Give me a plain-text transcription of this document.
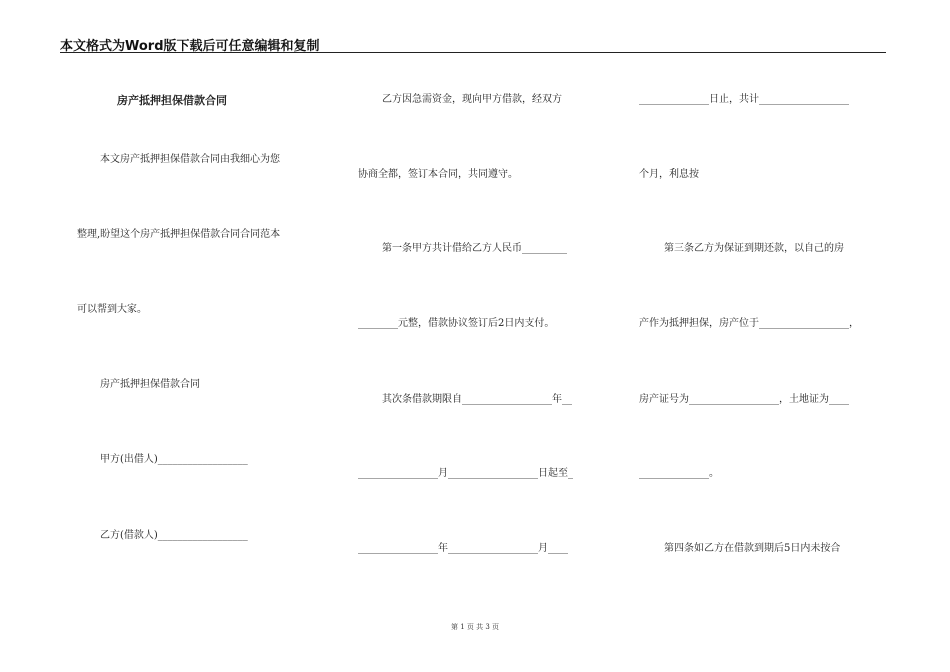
本文格式为Word版下载后可任意编辑和复制
房产抵押担保借款合同
本文房产抵押担保借款合同由我细心为您
整理,盼望这个房产抵押担保借款合同合同范本
可以帮到大家。
房产抵押担保借款合同
甲方(出借人)__________________
乙方(借款人)__________________
乙方因急需资金，现向甲方借款，经双方
协商全都，签订本合同，共同遵守。
第一条甲方共计借给乙方人民币_________
________元整，借款协议签订后2日内支付。
其次条借款期限自__________________年__
________________月__________________日起至_
________________年__________________月____
______________日止，共计__________________
个月，利息按
第三条乙方为保证到期还款，以自己的房
产作为抵押担保，房产位于__________________，
房产证号为__________________，土地证为____
______________。
第四条如乙方在借款到期后5日内未按合
第 1 页 共 3 页
